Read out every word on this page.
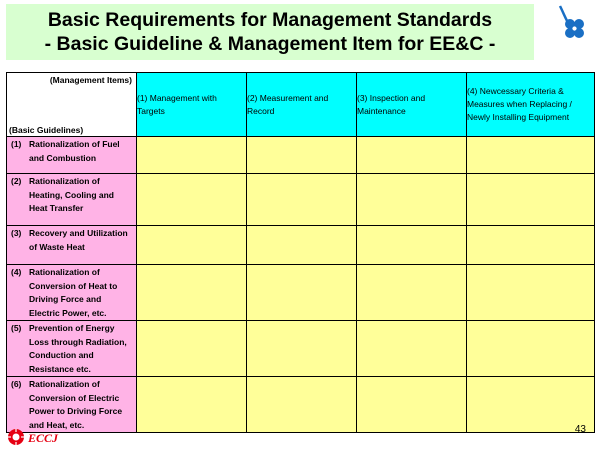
Basic Requirements for Management Standards
- Basic Guideline & Management Item for EE&C -
(Management Items)
(Basic Guidelines)	(1) Management with Targets	(2) Measurement and Record	(3) Inspection and Maintenance	(4) Newcessary Criteria & Measures when Replacing / Newly Installing Equipment

(1) Rationalization of Fuel and Combustion				

(2) Rationalization of Heating, Cooling and Heat Transfer				

(3) Recovery and Utilization of Waste Heat				

(4) Rationalization of Conversion of Heat to Driving Force and Electric Power, etc.				

(5) Prevention of Energy Loss through Radiation, Conduction and Resistance etc.				

(6) Rationalization of Conversion of Electric Power to Driving Force and Heat, etc.				

ECCJ
43
